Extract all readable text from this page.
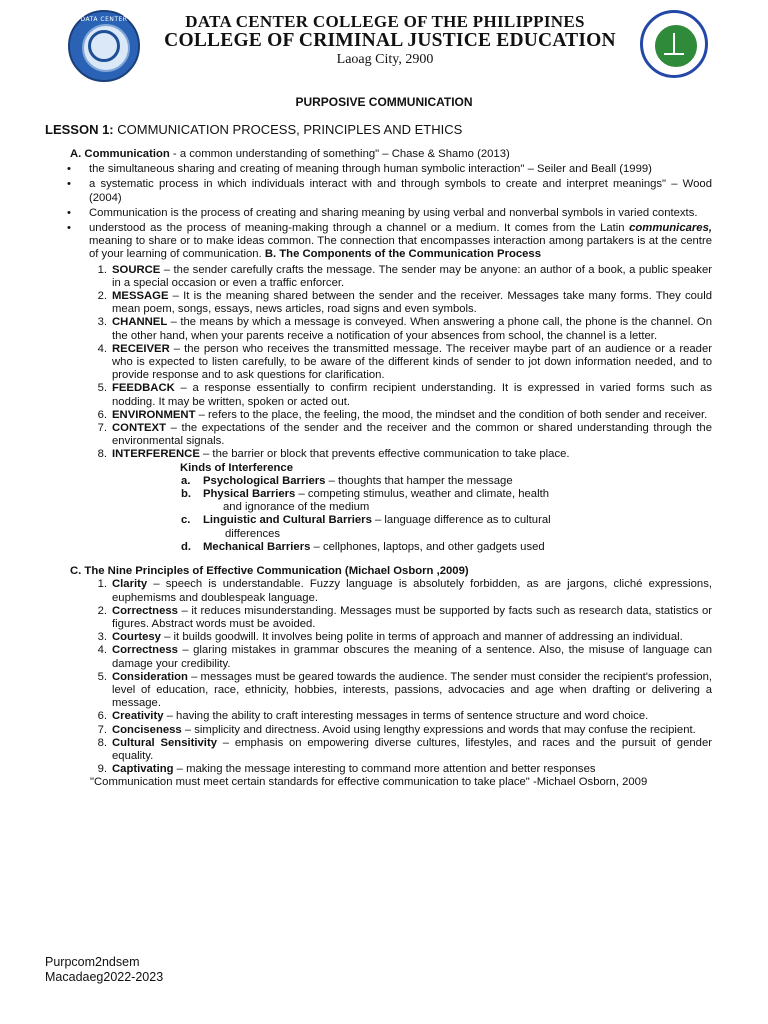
DATA CENTER	DATA CENTER COLLEGE OF THE PHILIPPINES
COLLEGE OF CRIMINAL JUSTICE EDUCATION
Laoag City, 2900
PURPOSIVE COMMUNICATION
LESSON 1: COMMUNICATION PROCESS, PRINCIPLES AND ETHICS
A. Communication - a common understanding of something" – Chase & Shamo (2013)
• the simultaneous sharing and creating of meaning through human symbolic interaction" – Seiler and Beall (1999)
• a systematic process in which individuals interact with and through symbols to create and interpret meanings" – Wood (2004)
• Communication is the process of creating and sharing meaning by using verbal and nonverbal symbols in varied contexts.
• understood as the process of meaning-making through a channel or a medium. It comes from the Latin communicares, meaning to share or to make ideas common. The connection that encompasses interaction among partakers is at the centre of your learning of communication. B. The Components of the Communication Process
1. SOURCE – the sender carefully crafts the message. The sender may be anyone: an author of a book, a public speaker in a special occasion or even a traffic enforcer.
2. MESSAGE – It is the meaning shared between the sender and the receiver. Messages take many forms. They could mean poem, songs, essays, news articles, road signs and even symbols.
3. CHANNEL – the means by which a message is conveyed. When answering a phone call, the phone is the channel. On the other hand, when your parents receive a notification of your absences from school, the channel is a letter.
4. RECEIVER – the person who receives the transmitted message. The receiver maybe part of an audience or a reader who is expected to listen carefully, to be aware of the different kinds of sender to jot down information needed, and to provide response and to ask questions for clarification.
5. FEEDBACK – a response essentially to confirm recipient understanding. It is expressed in varied forms such as nodding. It may be written, spoken or acted out.
6. ENVIRONMENT – refers to the place, the feeling, the mood, the mindset and the condition of both sender and receiver.
7. CONTEXT – the expectations of the sender and the receiver and the common or shared understanding through the environmental signals.
8. INTERFERENCE – the barrier or block that prevents effective communication to take place.
Kinds of Interference
a. Psychological Barriers – thoughts that hamper the message
b. Physical Barriers – competing stimulus, weather and climate, health
and ignorance of the medium
c. Linguistic and Cultural Barriers – language difference as to cultural
differences
d. Mechanical Barriers – cellphones, laptops, and other gadgets used
C. The Nine Principles of Effective Communication (Michael Osborn ,2009)
1. Clarity – speech is understandable. Fuzzy language is absolutely forbidden, as are jargons, cliché expressions, euphemisms and doublespeak language.
2. Correctness – it reduces misunderstanding. Messages must be supported by facts such as research data, statistics or figures. Abstract words must be avoided.
3. Courtesy – it builds goodwill. It involves being polite in terms of approach and manner of addressing an individual.
4. Correctness – glaring mistakes in grammar obscures the meaning of a sentence. Also, the misuse of language can damage your credibility.
5. Consideration – messages must be geared towards the audience. The sender must consider the recipient's profession, level of education, race, ethnicity, hobbies, interests, passions, advocacies and age when drafting or delivering a message.
6. Creativity – having the ability to craft interesting messages in terms of sentence structure and word choice.
7. Conciseness – simplicity and directness. Avoid using lengthy expressions and words that may confuse the recipient.
8. Cultural Sensitivity – emphasis on empowering diverse cultures, lifestyles, and races and the pursuit of gender equality.
9. Captivating – making the message interesting to command more attention and better responses
"Communication must meet certain standards for effective communication to take place" -Michael Osborn, 2009
Purpcom2ndsem
Macadaeg2022-2023
